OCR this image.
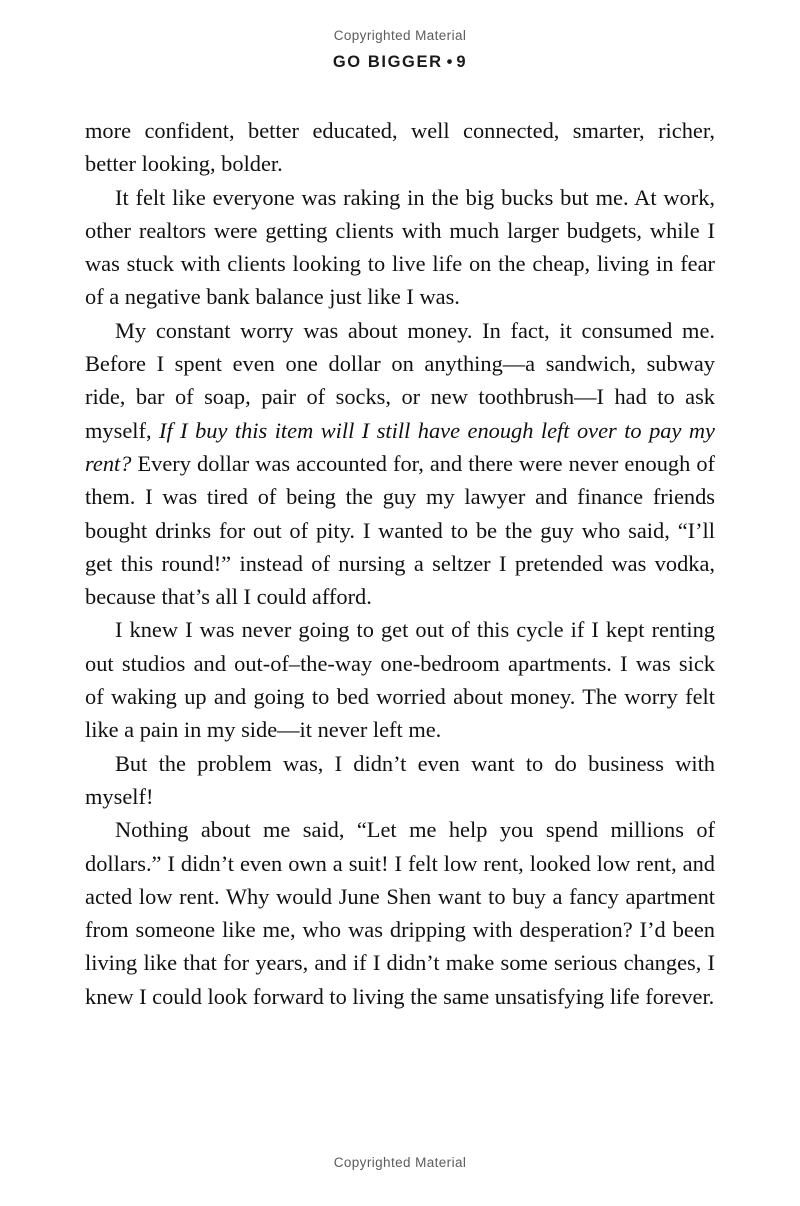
Copyrighted Material
GO BIGGER • 9

more confident, better educated, well connected, smarter, richer, better looking, bolder.

It felt like everyone was raking in the big bucks but me. At work, other realtors were getting clients with much larger budgets, while I was stuck with clients looking to live life on the cheap, living in fear of a negative bank balance just like I was.

My constant worry was about money. In fact, it consumed me. Before I spent even one dollar on anything—a sandwich, subway ride, bar of soap, pair of socks, or new toothbrush—I had to ask myself, If I buy this item will I still have enough left over to pay my rent? Every dollar was accounted for, and there were never enough of them. I was tired of being the guy my lawyer and finance friends bought drinks for out of pity. I wanted to be the guy who said, “I’ll get this round!” instead of nursing a seltzer I pretended was vodka, because that’s all I could afford.

I knew I was never going to get out of this cycle if I kept renting out studios and out-of–the-way one-bedroom apartments. I was sick of waking up and going to bed worried about money. The worry felt like a pain in my side—it never left me.

But the problem was, I didn’t even want to do business with myself!

Nothing about me said, “Let me help you spend millions of dollars.” I didn’t even own a suit! I felt low rent, looked low rent, and acted low rent. Why would June Shen want to buy a fancy apartment from someone like me, who was dripping with desperation? I’d been living like that for years, and if I didn’t make some serious changes, I knew I could look forward to living the same unsatisfying life forever.

Copyrighted Material
